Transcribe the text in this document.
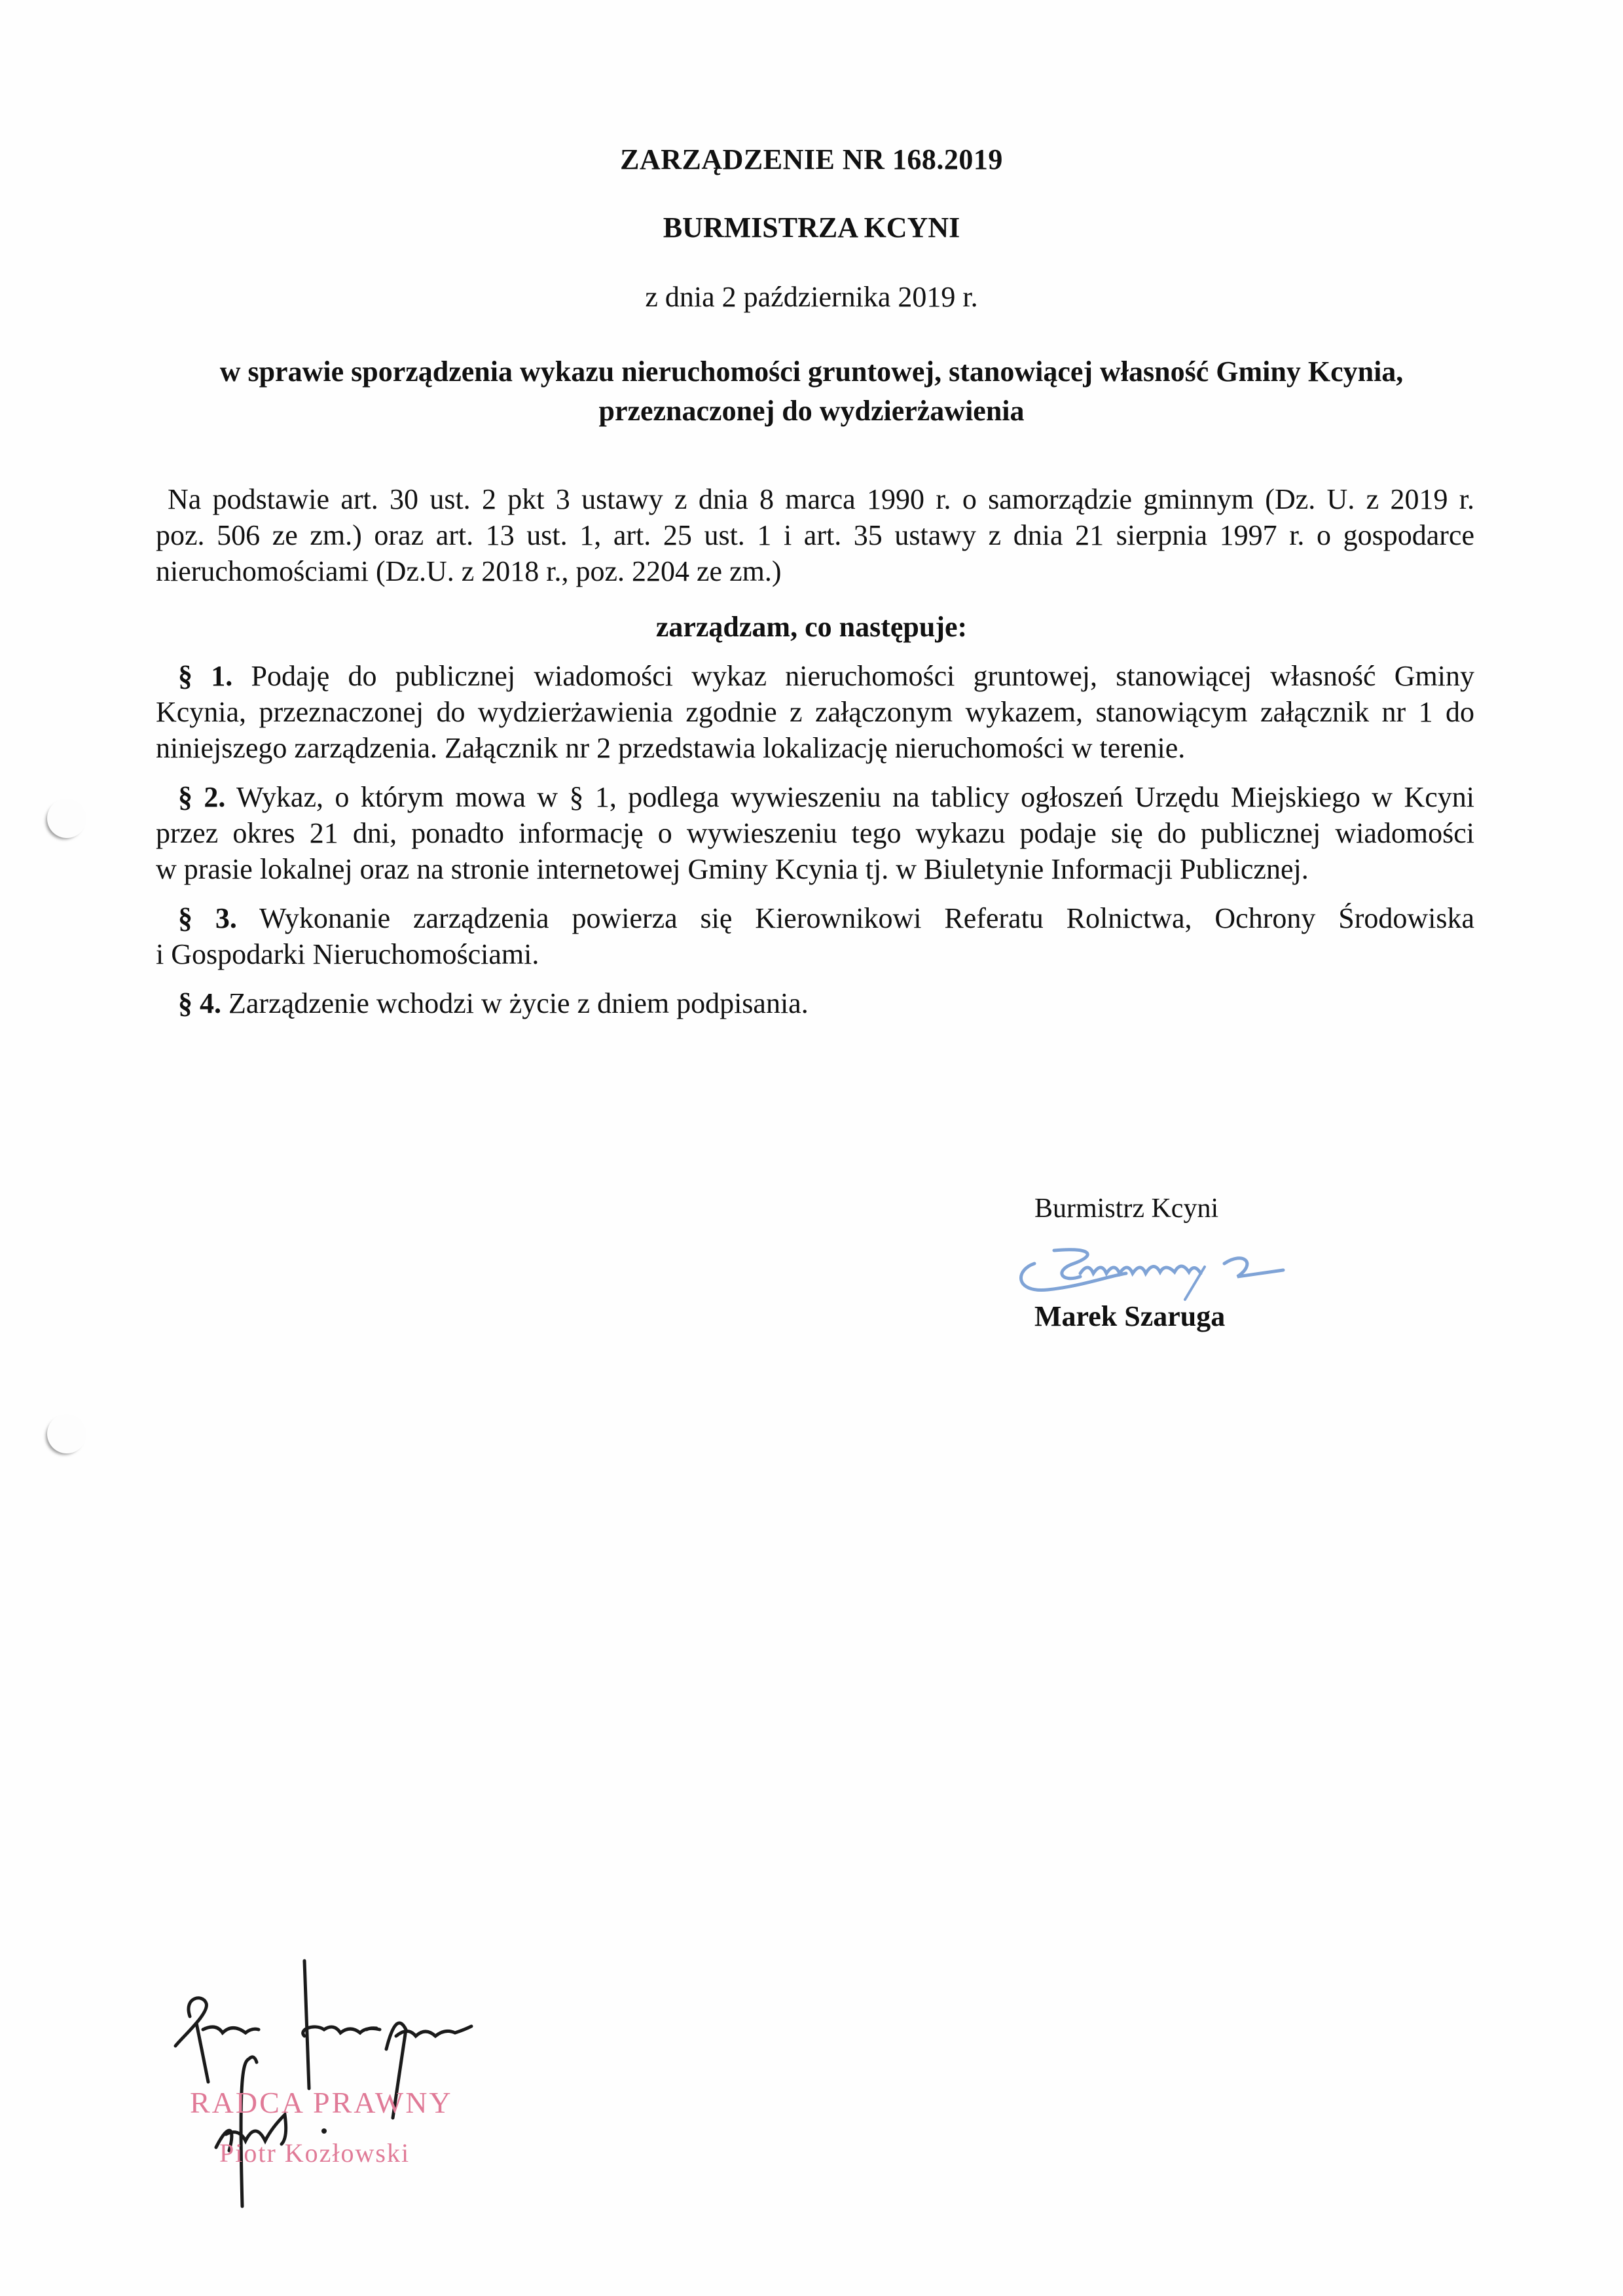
ZARZĄDZENIE NR 168.2019
BURMISTRZA KCYNI
z dnia 2 października 2019 r.
w sprawie sporządzenia wykazu nieruchomości gruntowej, stanowiącej własność Gminy Kcynia,
przeznaczonej do wydzierżawienia
Na podstawie art. 30 ust. 2 pkt 3 ustawy z dnia 8 marca 1990 r. o samorządzie gminnym (Dz. U. z 2019 r.
poz. 506 ze zm.) oraz art. 13 ust. 1, art. 25 ust. 1 i art. 35 ustawy z dnia 21 sierpnia 1997 r. o gospodarce
nieruchomościami (Dz.U. z 2018 r., poz. 2204 ze zm.)
zarządzam, co następuje:
§ 1. Podaję do publicznej wiadomości wykaz nieruchomości gruntowej, stanowiącej własność Gminy
Kcynia, przeznaczonej do wydzierżawienia zgodnie z załączonym wykazem, stanowiącym załącznik nr 1 do
niniejszego zarządzenia. Załącznik nr 2 przedstawia lokalizację nieruchomości w terenie.
§ 2. Wykaz, o którym mowa w § 1, podlega wywieszeniu na tablicy ogłoszeń Urzędu Miejskiego w Kcyni
przez okres 21 dni, ponadto informację o wywieszeniu tego wykazu podaje się do publicznej wiadomości
w prasie lokalnej oraz na stronie internetowej Gminy Kcynia tj. w Biuletynie Informacji Publicznej.
§ 3. Wykonanie zarządzenia powierza się Kierownikowi Referatu Rolnictwa, Ochrony Środowiska
i Gospodarki Nieruchomościami.
§ 4. Zarządzenie wchodzi w życie z dniem podpisania.
Burmistrz Kcyni
Marek Szaruga
RADCA PRAWNY
Piotr Kozłowski
